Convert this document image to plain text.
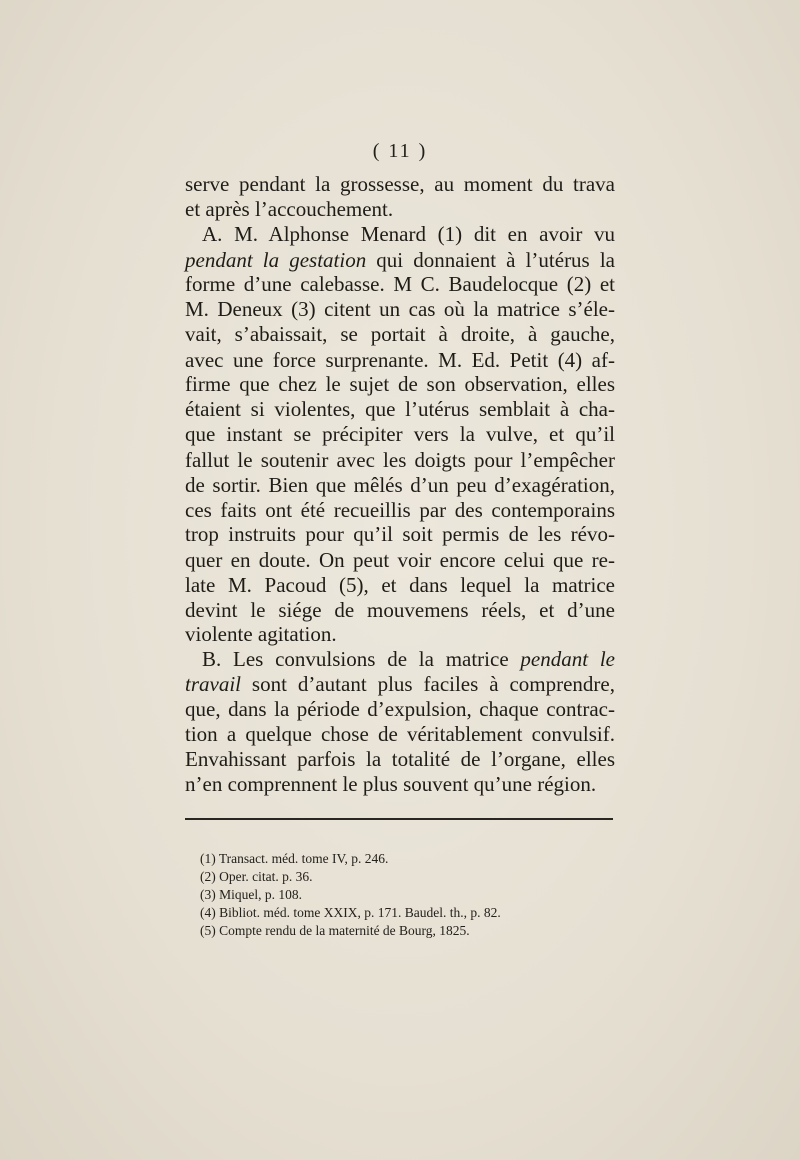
( 11 )
serve pendant la grossesse, au moment du trava
et après l’accouchement.
A. M. Alphonse Menard (1) dit en avoir vu
pendant la gestation qui donnaient à l’utérus la
forme d’une calebasse. M C. Baudelocque (2) et
M. Deneux (3) citent un cas où la matrice s’éle-
vait, s’abaissait, se portait à droite, à gauche,
avec une force surprenante. M. Ed. Petit (4) af-
firme que chez le sujet de son observation, elles
étaient si violentes, que l’utérus semblait à cha-
que instant se précipiter vers la vulve, et qu’il
fallut le soutenir avec les doigts pour l’empêcher
de sortir. Bien que mêlés d’un peu d’exagération,
ces faits ont été recueillis par des contemporains
trop instruits pour qu’il soit permis de les révo-
quer en doute. On peut voir encore celui que re-
late M. Pacoud (5), et dans lequel la matrice
devint le siége de mouvemens réels, et d’une
violente agitation.
B. Les convulsions de la matrice pendant le
travail sont d’autant plus faciles à comprendre,
que, dans la période d’expulsion, chaque contrac-
tion a quelque chose de véritablement convulsif.
Envahissant parfois la totalité de l’organe, elles
n’en comprennent le plus souvent qu’une région.
(1) Transact. méd. tome IV, p. 246.
(2) Oper. citat. p. 36.
(3) Miquel, p. 108.
(4) Bibliot. méd. tome XXIX, p. 171. Baudel. th., p. 82.
(5) Compte rendu de la maternité de Bourg, 1825.
